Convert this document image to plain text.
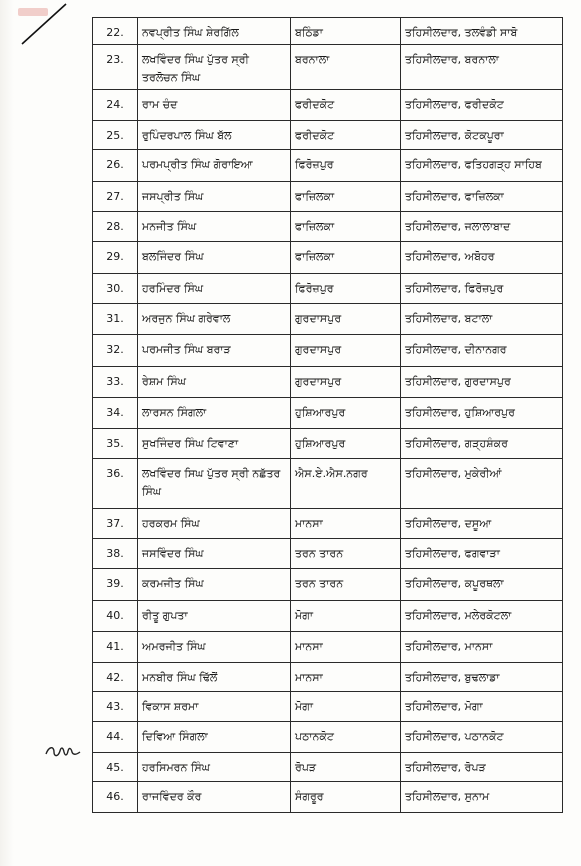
22.	ਨਵਪ੍ਰੀਤ ਸਿੰਘ ਸ਼ੇਰਗਿੱਲ	ਬਠਿੰਡਾ	ਤਹਿਸੀਲਦਾਰ, ਤਲਵੰਡੀ ਸਾਬੋ
23.	ਲਖਵਿੰਦਰ ਸਿੰਘ ਪੁੱਤਰ ਸ੍ਰੀ ਤਰਲੋਚਨ ਸਿੰਘ	ਬਰਨਾਲਾ	ਤਹਿਸੀਲਦਾਰ, ਬਰਨਾਲਾ
24.	ਰਾਮ ਚੰਦ	ਫਰੀਦਕੋਟ	ਤਹਿਸੀਲਦਾਰ, ਫਰੀਦਕੋਟ
25.	ਰੁਪਿੰਦਰਪਾਲ ਸਿੰਘ ਬੱਲ	ਫਰੀਦਕੋਟ	ਤਹਿਸੀਲਦਾਰ, ਕੋਟਕਪੂਰਾ
26.	ਪਰਮਪ੍ਰੀਤ ਸਿੰਘ ਗੋਰਾਇਆ	ਫਿਰੋਜ਼ਪੁਰ	ਤਹਿਸੀਲਦਾਰ, ਫਤਿਹਗੜ੍ਹ ਸਾਹਿਬ
27.	ਜਸਪ੍ਰੀਤ ਸਿੰਘ	ਫਾਜ਼ਿਲਕਾ	ਤਹਿਸੀਲਦਾਰ, ਫਾਜ਼ਿਲਕਾ
28.	ਮਨਜੀਤ ਸਿੰਘ	ਫਾਜ਼ਿਲਕਾ	ਤਹਿਸੀਲਦਾਰ, ਜਲਾਲਾਬਾਦ
29.	ਬਲਜਿੰਦਰ ਸਿੰਘ	ਫਾਜ਼ਿਲਕਾ	ਤਹਿਸੀਲਦਾਰ, ਅਬੋਹਰ
30.	ਹਰਮਿੰਦਰ ਸਿੰਘ	ਫਿਰੋਜ਼ਪੁਰ	ਤਹਿਸੀਲਦਾਰ, ਫਿਰੋਜ਼ਪੁਰ
31.	ਅਰਜੁਨ ਸਿੰਘ ਗਰੇਵਾਲ	ਗੁਰਦਾਸਪੁਰ	ਤਹਿਸੀਲਦਾਰ, ਬਟਾਲਾ
32.	ਪਰਮਜੀਤ ਸਿੰਘ ਬਰਾੜ	ਗੁਰਦਾਸਪੁਰ	ਤਹਿਸੀਲਦਾਰ, ਦੀਨਾਨਗਰ
33.	ਰੇਸ਼ਮ ਸਿੰਘ	ਗੁਰਦਾਸਪੁਰ	ਤਹਿਸੀਲਦਾਰ, ਗੁਰਦਾਸਪੁਰ
34.	ਲਾਰਸਨ ਸਿੰਗਲਾ	ਹੁਸ਼ਿਆਰਪੁਰ	ਤਹਿਸੀਲਦਾਰ, ਹੁਸ਼ਿਆਰਪੁਰ
35.	ਸੁਖਜਿੰਦਰ ਸਿੰਘ ਟਿਵਾਣਾ	ਹੁਸ਼ਿਆਰਪੁਰ	ਤਹਿਸੀਲਦਾਰ, ਗੜ੍ਹਸ਼ੰਕਰ
36.	ਲਖਵਿੰਦਰ ਸਿਘ ਪੁੱਤਰ ਸ੍ਰੀ ਨਛੱਤਰ ਸਿੰਘ	ਐਸ.ਏ.ਐਸ.ਨਗਰ	ਤਹਿਸੀਲਦਾਰ, ਮੁਕੇਰੀਆਂ
37.	ਹਰਕਰਮ ਸਿੰਘ	ਮਾਨਸਾ	ਤਹਿਸੀਲਦਾਰ, ਦਸੂਆ
38.	ਜਸਵਿੰਦਰ ਸਿੰਘ	ਤਰਨ ਤਾਰਨ	ਤਹਿਸੀਲਦਾਰ, ਫਗਵਾੜਾ
39.	ਕਰਮਜੀਤ ਸਿੰਘ	ਤਰਨ ਤਾਰਨ	ਤਹਿਸੀਲਦਾਰ, ਕਪੂਰਥਲਾ
40.	ਰੀਤੂ ਗੁਪਤਾ	ਮੋਗਾ	ਤਹਿਸੀਲਦਾਰ, ਮਲੇਰਕੋਟਲਾ
41.	ਅਮਰਜੀਤ ਸਿੰਘ	ਮਾਨਸਾ	ਤਹਿਸੀਲਦਾਰ, ਮਾਨਸਾ
42.	ਮਨਬੀਰ ਸਿੰਘ ਢਿੱਲੋਂ	ਮਾਨਸਾ	ਤਹਿਸੀਲਦਾਰ, ਬੁਢਲਾਡਾ
43.	ਵਿਕਾਸ ਸ਼ਰਮਾ	ਮੋਗਾ	ਤਹਿਸੀਲਦਾਰ, ਮੋਗਾ
44.	ਦਿਵਿਆ ਸਿੰਗਲਾ	ਪਠਾਨਕੋਟ	ਤਹਿਸੀਲਦਾਰ, ਪਠਾਨਕੋਟ
45.	ਹਰਸਿਮਰਨ ਸਿੰਘ	ਰੋਪੜ	ਤਹਿਸੀਲਦਾਰ, ਰੋਪੜ
46.	ਰਾਜਵਿੰਦਰ ਕੌਰ	ਸੰਗਰੂਰ	ਤਹਿਸੀਲਦਾਰ, ਸੁਨਾਮ
